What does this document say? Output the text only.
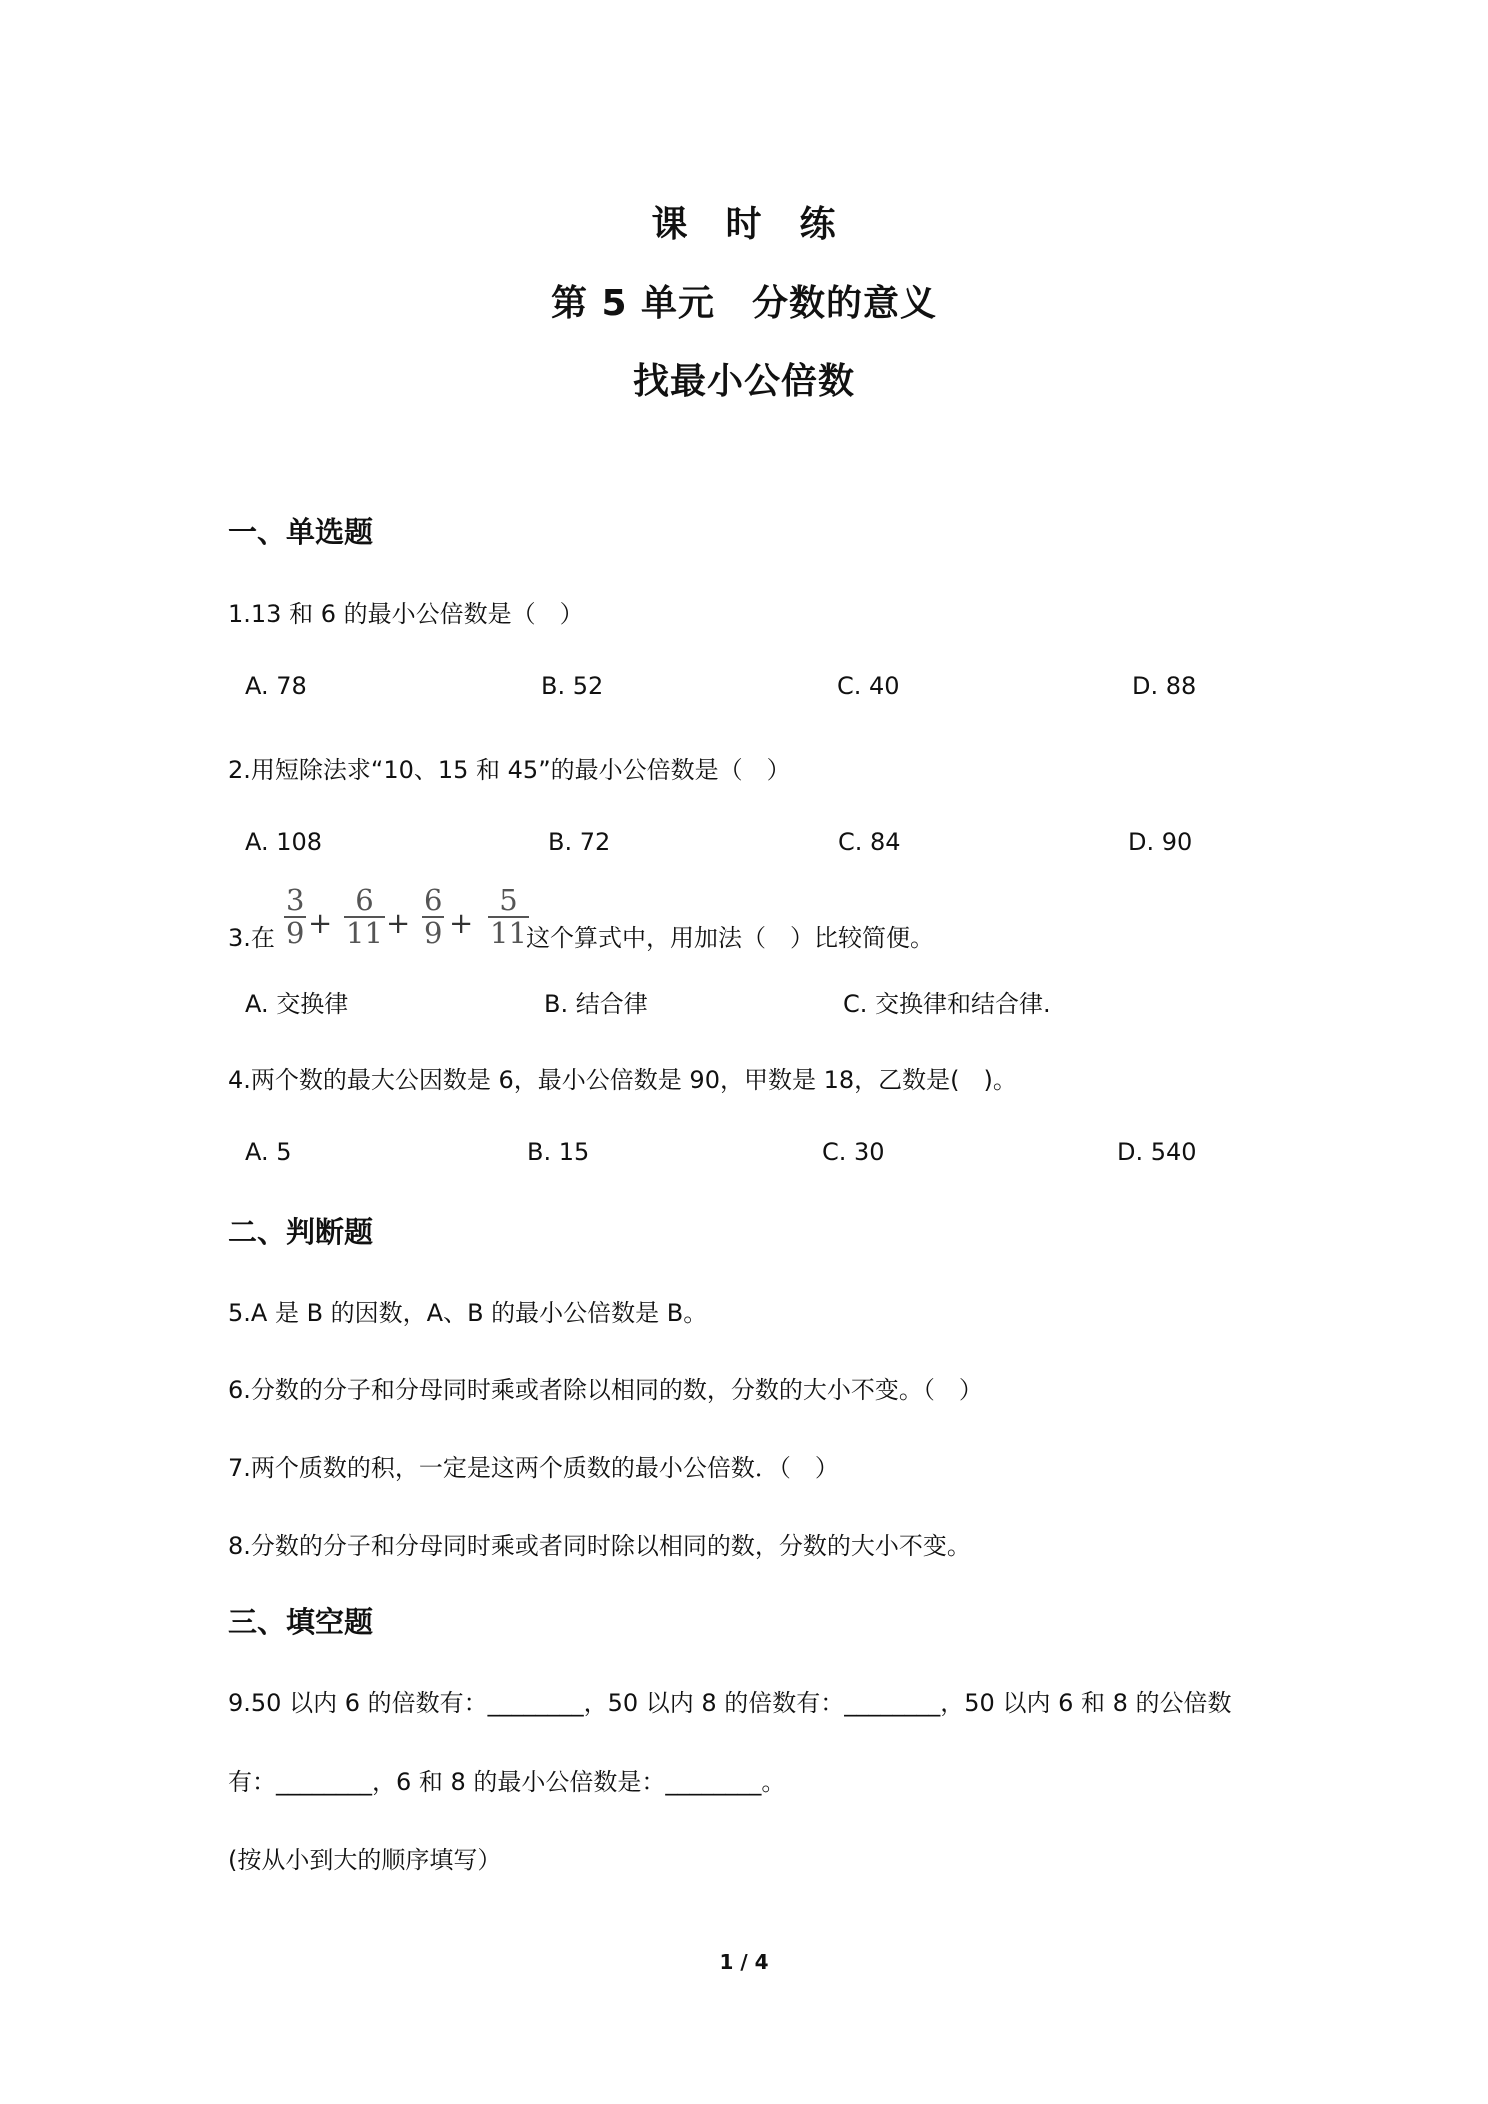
课　时　练
第 5 单元　分数的意义
找最小公倍数
一、单选题
1.13 和 6 的最小公倍数是（　）
A. 78	B. 52	C. 40	D. 88
2.用短除法求“10、15 和 45”的最小公倍数是（　）
A. 108	B. 72	C. 84	D. 90
3.在 $\frac{3}{9} + \frac{6}{11} + \frac{6}{9} + \frac{5}{11}$
这个算式中，用加法（　）比较简便。
A. 交换律	B. 结合律	C. 交换律和结合律.
4.两个数的最大公因数是 6，最小公倍数是 90，甲数是 18，乙数是(　)。
A. 5	B. 15	C. 30	D. 540
二、判断题
5.A 是 B 的因数，A、B 的最小公倍数是 B。
6.分数的分子和分母同时乘或者除以相同的数，分数的大小不变。（　）
7.两个质数的积，一定是这两个质数的最小公倍数．（　）
8.分数的分子和分母同时乘或者同时除以相同的数，分数的大小不变。
三、填空题
9.50 以内 6 的倍数有：________，50 以内 8 的倍数有：________，50 以内 6 和 8 的公倍数
有：________，6 和 8 的最小公倍数是：________。
(按从小到大的顺序填写）
1 / 4
